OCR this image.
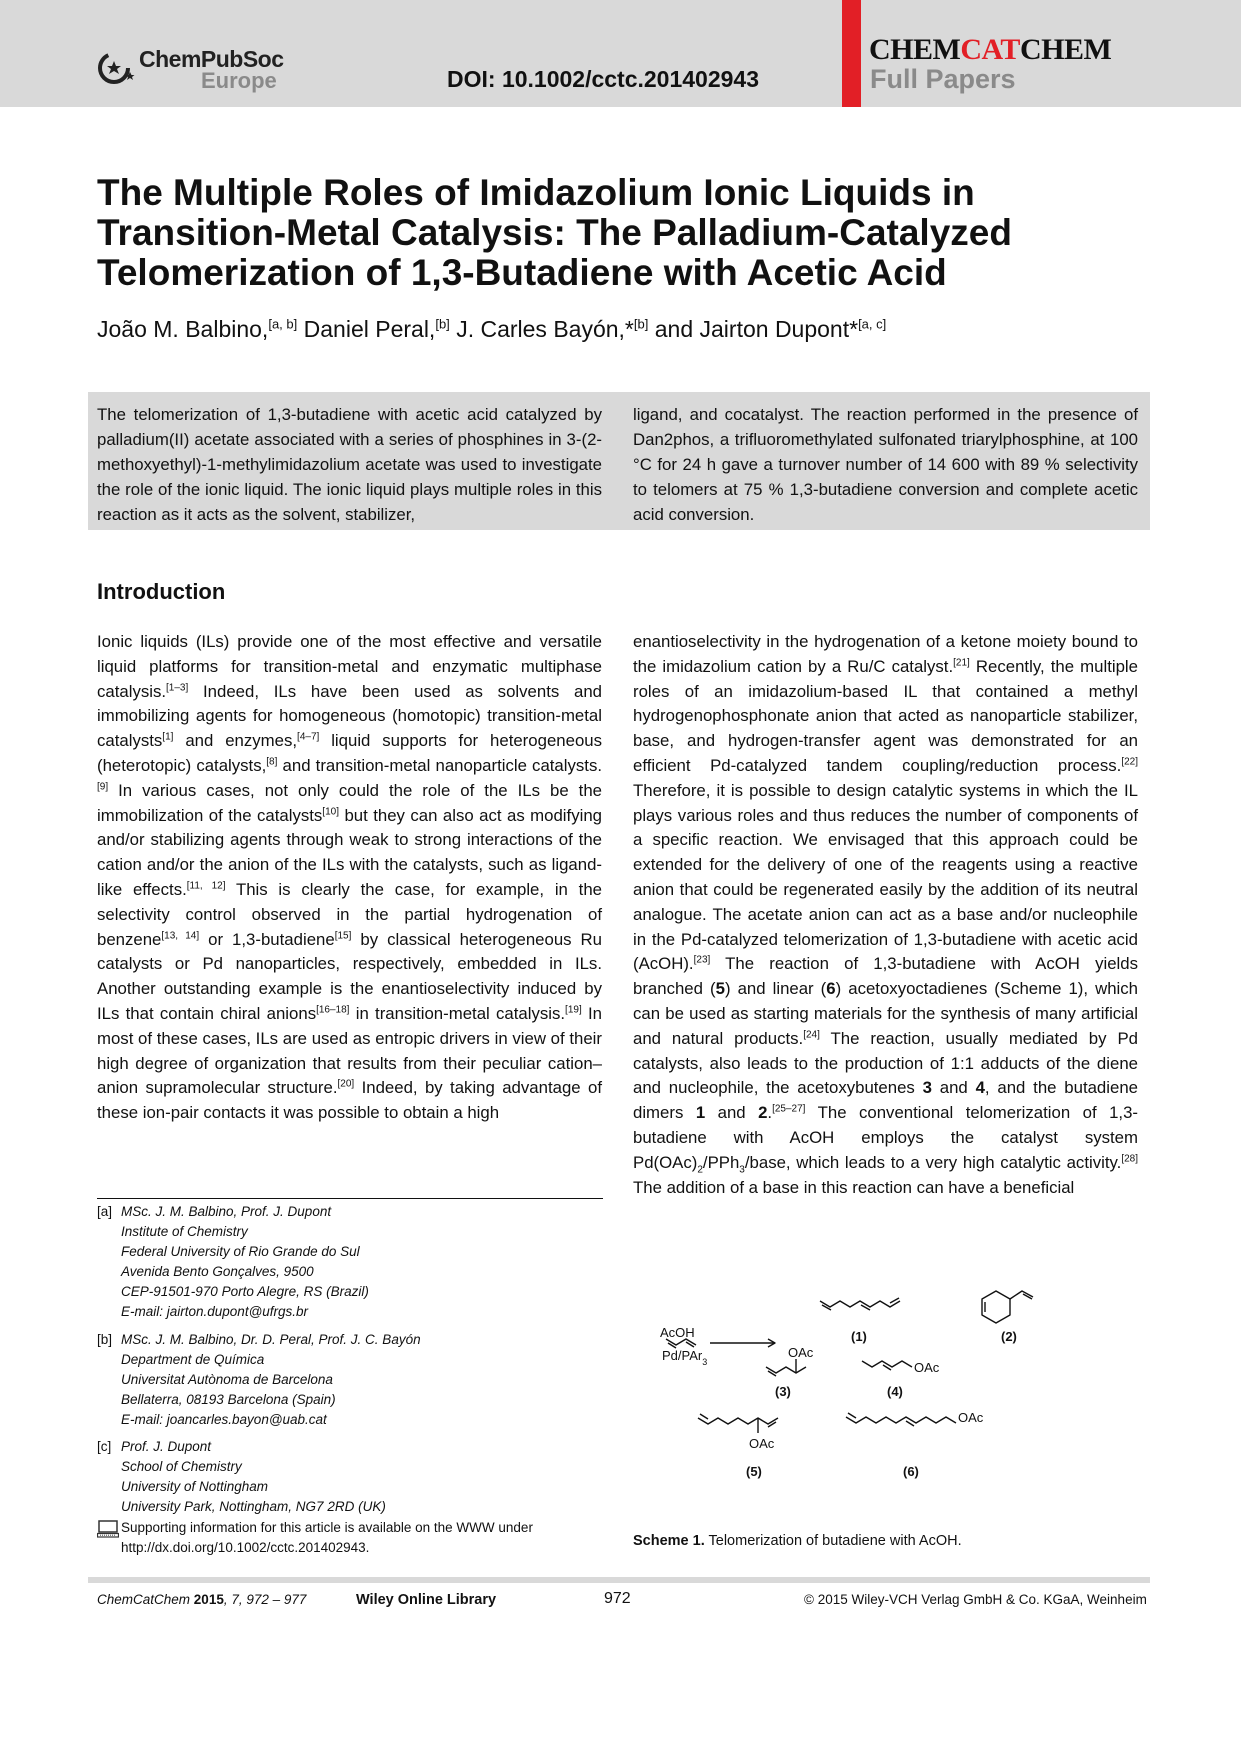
ChemPubSoc
Europe	DOI: 10.1002/cctc.201402943
CHEMCATCHEM
Full Papers
The Multiple Roles of Imidazolium Ionic Liquids in Transition-Metal Catalysis: The Palladium-Catalyzed Telomerization of 1,3-Butadiene with Acetic Acid
João M. Balbino,[a, b] Daniel Peral,[b] J. Carles Bayón,*[b] and Jairton Dupont*[a, c]
The telomerization of 1,3-butadiene with acetic acid catalyzed by palladium(II) acetate associated with a series of phosphines in 3-(2-methoxyethyl)-1-methylimidazolium acetate was used to investigate the role of the ionic liquid. The ionic liquid plays multiple roles in this reaction as it acts as the solvent, stabilizer,
ligand, and cocatalyst. The reaction performed in the presence of Dan2phos, a trifluoromethylated sulfonated triarylphosphine, at 100 °C for 24 h gave a turnover number of 14 600 with 89 % selectivity to telomers at 75 % 1,3-butadiene conversion and complete acetic acid conversion.
Introduction
Ionic liquids (ILs) provide one of the most effective and versatile liquid platforms for transition-metal and enzymatic multiphase catalysis.[1–3] Indeed, ILs have been used as solvents and immobilizing agents for homogeneous (homotopic) transition-metal catalysts[1] and enzymes,[4–7] liquid supports for heterogeneous (heterotopic) catalysts,[8] and transition-metal nanoparticle catalysts.[9] In various cases, not only could the role of the ILs be the immobilization of the catalysts[10] but they can also act as modifying and/or stabilizing agents through weak to strong interactions of the cation and/or the anion of the ILs with the catalysts, such as ligand-like effects.[11, 12] This is clearly the case, for example, in the selectivity control observed in the partial hydrogenation of benzene[13, 14] or 1,3-butadiene[15] by classical heterogeneous Ru catalysts or Pd nanoparticles, respectively, embedded in ILs. Another outstanding example is the enantioselectivity induced by ILs that contain chiral anions[16–18] in transition-metal catalysis.[19] In most of these cases, ILs are used as entropic drivers in view of their high degree of organization that results from their peculiar cation–anion supramolecular structure.[20] Indeed, by taking advantage of these ion-pair contacts it was possible to obtain a high
enantioselectivity in the hydrogenation of a ketone moiety bound to the imidazolium cation by a Ru/C catalyst.[21] Recently, the multiple roles of an imidazolium-based IL that contained a methyl hydrogenophosphonate anion that acted as nanoparticle stabilizer, base, and hydrogen-transfer agent was demonstrated for an efficient Pd-catalyzed tandem coupling/reduction process.[22] Therefore, it is possible to design catalytic systems in which the IL plays various roles and thus reduces the number of components of a specific reaction. We envisaged that this approach could be extended for the delivery of one of the reagents using a reactive anion that could be regenerated easily by the addition of its neutral analogue. The acetate anion can act as a base and/or nucleophile in the Pd-catalyzed telomerization of 1,3-butadiene with acetic acid (AcOH).[23] The reaction of 1,3-butadiene with AcOH yields branched (5) and linear (6) acetoxyoctadienes (Scheme 1), which can be used as starting materials for the synthesis of many artificial and natural products.[24] The reaction, usually mediated by Pd catalysts, also leads to the production of 1:1 adducts of the diene and nucleophile, the acetoxybutenes 3 and 4, and the butadiene dimers 1 and 2.[25–27] The conventional telomerization of 1,3-butadiene with AcOH employs the catalyst system $Pd(OAc)_2/PPh_3$/base, which leads to a very high catalytic activity.[28] The addition of a base in this reaction can have a beneficial
[a] MSc. J. M. Balbino, Prof. J. Dupont
Institute of Chemistry
Federal University of Rio Grande do Sul
Avenida Bento Gonçalves, 9500
CEP-91501-970 Porto Alegre, RS (Brazil)
E-mail: jairton.dupont@ufrgs.br
[b] MSc. J. M. Balbino, Dr. D. Peral, Prof. J. C. Bayón
Department de Química
Universitat Autònoma de Barcelona
Bellaterra, 08193 Barcelona (Spain)
E-mail: joancarles.bayon@uab.cat
[c] Prof. J. Dupont
School of Chemistry
University of Nottingham
University Park, Nottingham, NG7 2RD (UK)
Supporting information for this article is available on the WWW under http://dx.doi.org/10.1002/cctc.201402943.
AcOH
Pd/PAr$_3$
OAc
OAc
OAc
OAc
(1)	(2)
(3)	(4)
(5)	(6)
Scheme 1. Telomerization of butadiene with AcOH.
ChemCatChem 2015, 7, 972 – 977	Wiley Online Library	972	© 2015 Wiley-VCH Verlag GmbH & Co. KGaA, Weinheim
